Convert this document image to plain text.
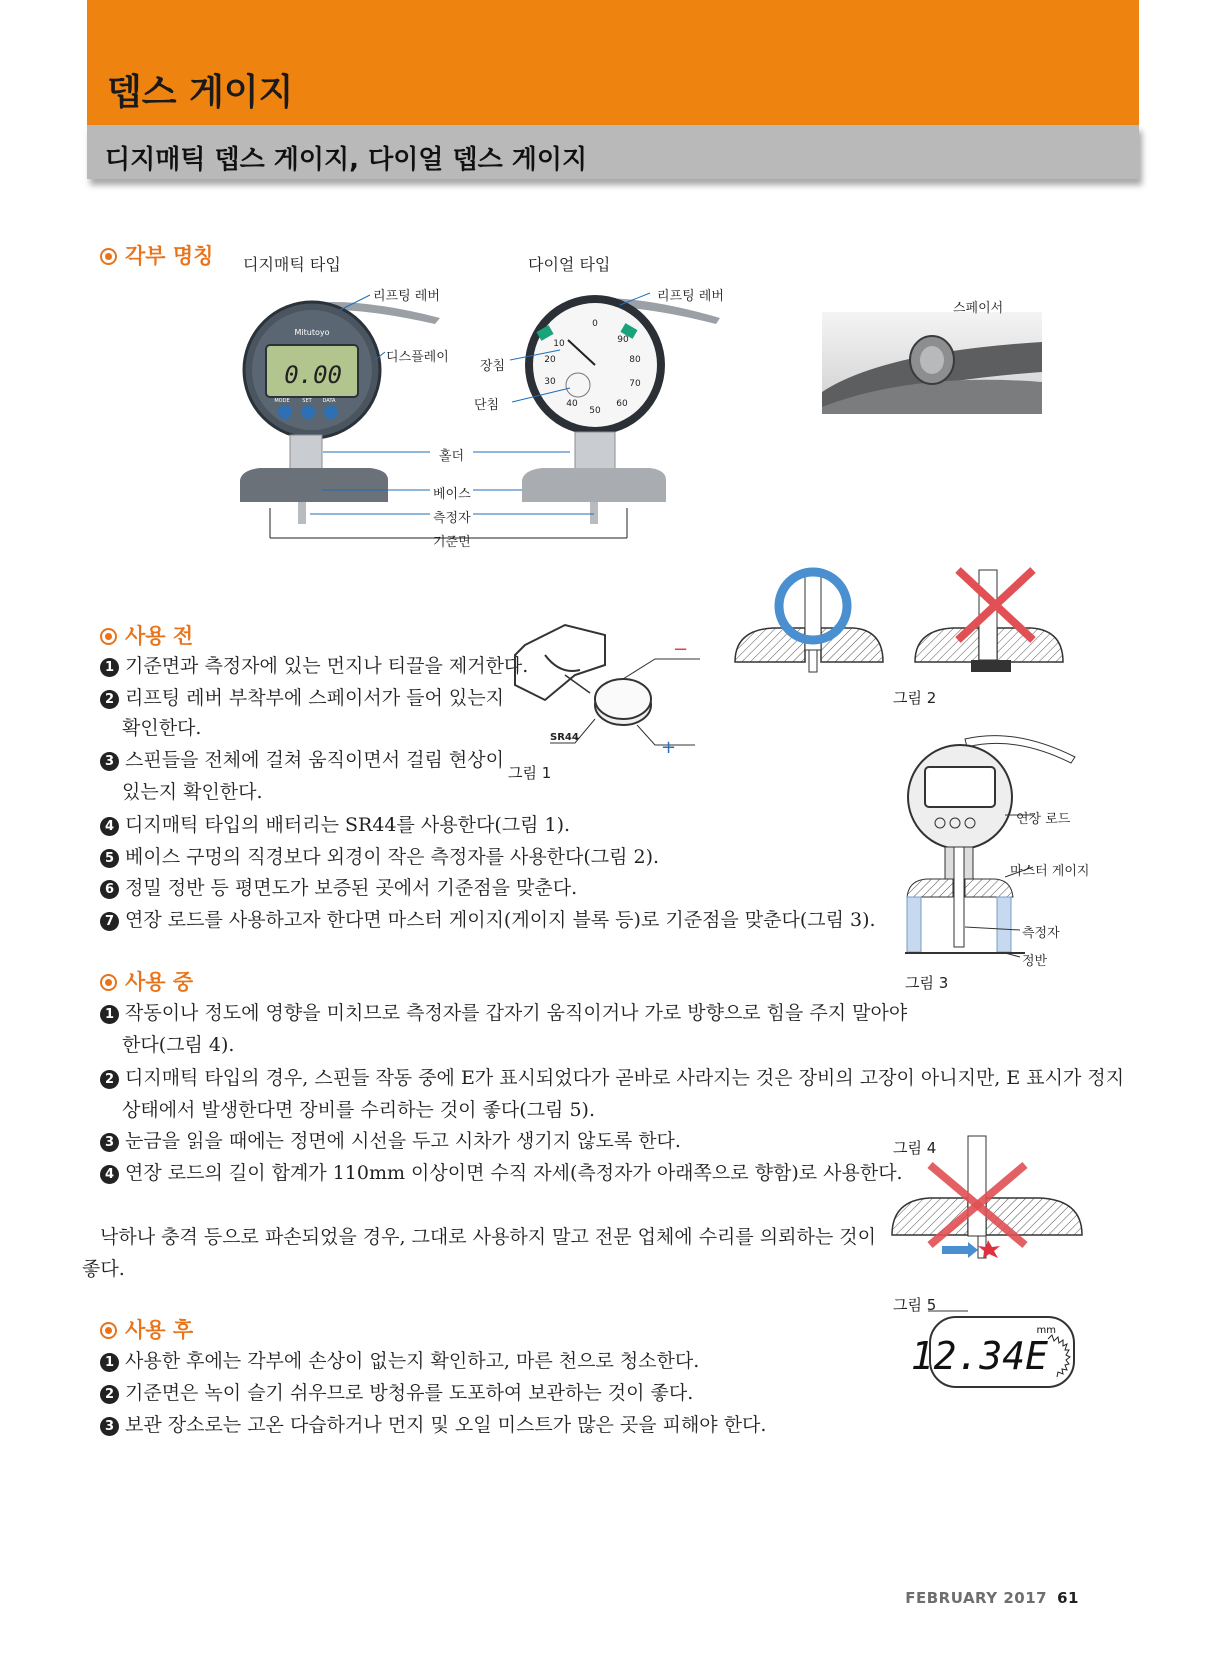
뎁스 게이지
디지매틱 뎁스 게이지, 다이얼 뎁스 게이지
각부 명칭 디지매틱 타입	다이얼 타입
0.00
Mitutoyo
MODE	SET DATA
0
10
20
30
40
50
60
70
80
90
리프팅 레버	리프팅 레버
디스플레이
장침
단침
홀더
베이스
측정자
기준면
스페이서
사용 전
1 기준면과 측정자에 있는 먼지나 티끌을 제거한다.
2 리프팅 레버 부착부에 스페이서가 들어 있는지
확인한다.
3 스핀들을 전체에 걸쳐 움직이면서 걸림 현상이
있는지 확인한다.
4 디지매틱 타입의 배터리는 SR44를 사용한다(그림 1).
5 베이스 구멍의 직경보다 외경이 작은 측정자를 사용한다(그림 2).
6 정밀 정반 등 평면도가 보증된 곳에서 기준점을 맞춘다.
7 연장 로드를 사용하고자 한다면 마스터 게이지(게이지 블록 등)로 기준점을 맞춘다(그림 3).
−
+
SR44
그림 1
그림 2
연장 로드
마스터 게이지
측정자
정반
그림 3
사용 중
1 작동이나 정도에 영향을 미치므로 측정자를 갑자기 움직이거나 가로 방향으로 힘을 주지 말아야
한다(그림 4).
2 디지매틱 타입의 경우, 스핀들 작동 중에 E가 표시되었다가 곧바로 사라지는 것은 장비의 고장이 아니지만, E 표시가 정지
상태에서 발생한다면 장비를 수리하는 것이 좋다(그림 5).
3 눈금을 읽을 때에는 정면에 시선을 두고 시차가 생기지 않도록 한다.
4 연장 로드의 길이 합계가 110mm 이상이면 수직 자세(측정자가 아래쪽으로 향함)로 사용한다.
그림 4
낙하나 충격 등으로 파손되었을 경우, 그대로 사용하지 말고 전문 업체에 수리를 의뢰하는 것이
좋다.
그림 5
12.34E
mm
사용 후
1 사용한 후에는 각부에 손상이 없는지 확인하고, 마른 천으로 청소한다.
2 기준면은 녹이 슬기 쉬우므로 방청유를 도포하여 보관하는 것이 좋다.
3 보관 장소로는 고온 다습하거나 먼지 및 오일 미스트가 많은 곳을 피해야 한다.
FEBRUARY 2017 61
